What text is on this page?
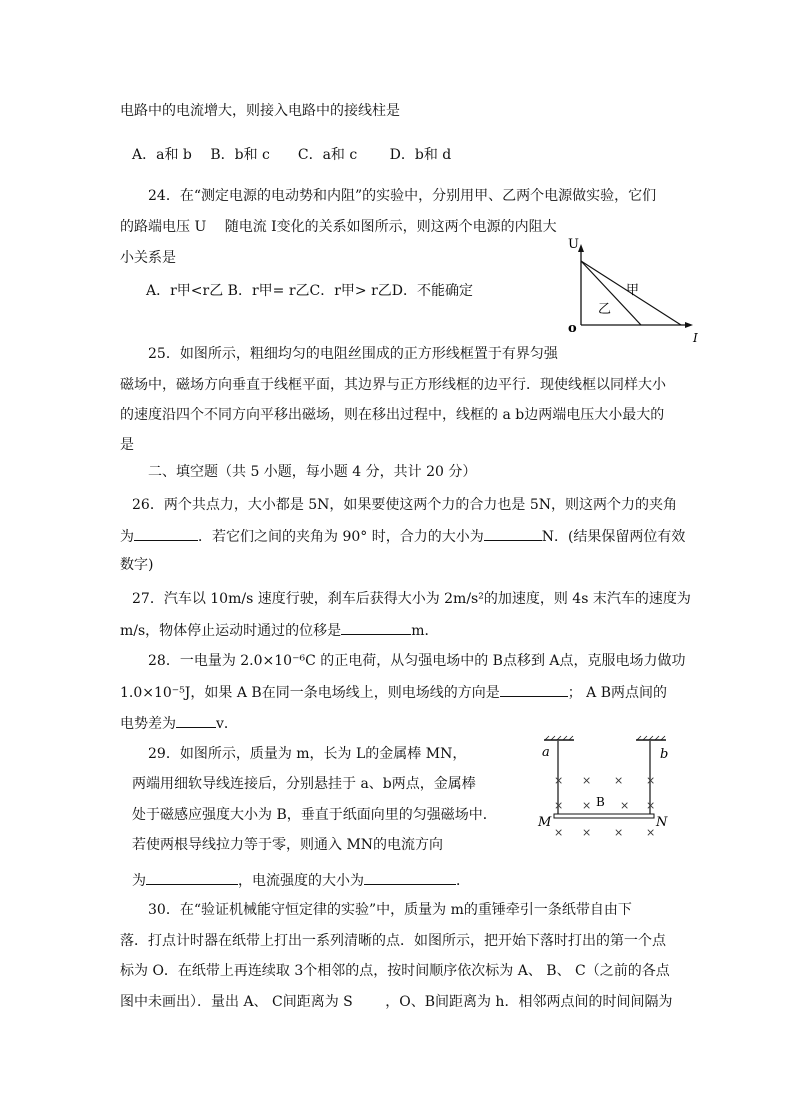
电路中的电流增大，则接入电路中的接线柱是
A．a和 b　 B．b和 c　　C．a和 c　　 D．b和 d
24．在“测定电源的电动势和内阻”的实验中，分别用甲、乙两个电源做实验，它们
的路端电压 U 　随电流 I变化的关系如图所示，则这两个电源的内阻大
小关系是
A．r甲<r乙 B．r甲= r乙C．r甲> r乙D．不能确定
U
o
I
甲
乙
25．如图所示，粗细均匀的电阻丝围成的正方形线框置于有界匀强
磁场中，磁场方向垂直于线框平面，其边界与正方形线框的边平行．现使线框以同样大小
的速度沿四个不同方向平移出磁场，则在移出过程中，线框的 a b边两端电压大小最大的
是
二、填空题（共 5 小题，每小题 4 分，共计 20 分）
26．两个共点力，大小都是 5N，如果要使这两个力的合力也是 5N，则这两个力的夹角
为	．若它们之间的夹角为 90° 时，合力的大小为	N．(结果保留两位有效
数字)
27．汽车以 10m/s 速度行驶，刹车后获得大小为 2m/s²的加速度，则 4s 末汽车的速度为
m/s，物体停止运动时通过的位移是	m．
28．一电量为 2.0×10⁻⁶C 的正电荷，从匀强电场中的 B点移到 A点，克服电场力做功
1.0×10⁻⁵J，如果 A B在同一条电场线上，则电场线的方向是	； A B两点间的
电势差为	v．
29．如图所示，质量为 m，长为 L的金属棒 MN，
两端用细软导线连接后，分别悬挂于 a、b两点，金属棒
处于磁感应强度大小为 B，垂直于纸面向里的匀强磁场中．
若使两根导线拉力等于零，则通入 MN的电流方向
为	，电流强度的大小为	．
a	b
M	N
B
× × × ×
× ×	× ×
× × × ×
30．在“验证机械能守恒定律的实验”中，质量为 m的重锤牵引一条纸带自由下
落．打点计时器在纸带上打出一系列清晰的点．如图所示，把开始下落时打出的第一个点
标为 O．在纸带上再连续取 3个相邻的点，按时间顺序依次标为 A、 B、 C（之前的各点
图中未画出）．量出 A、 C间距离为 S　　 ，O、B间距离为 h．相邻两点间的时间间隔为
